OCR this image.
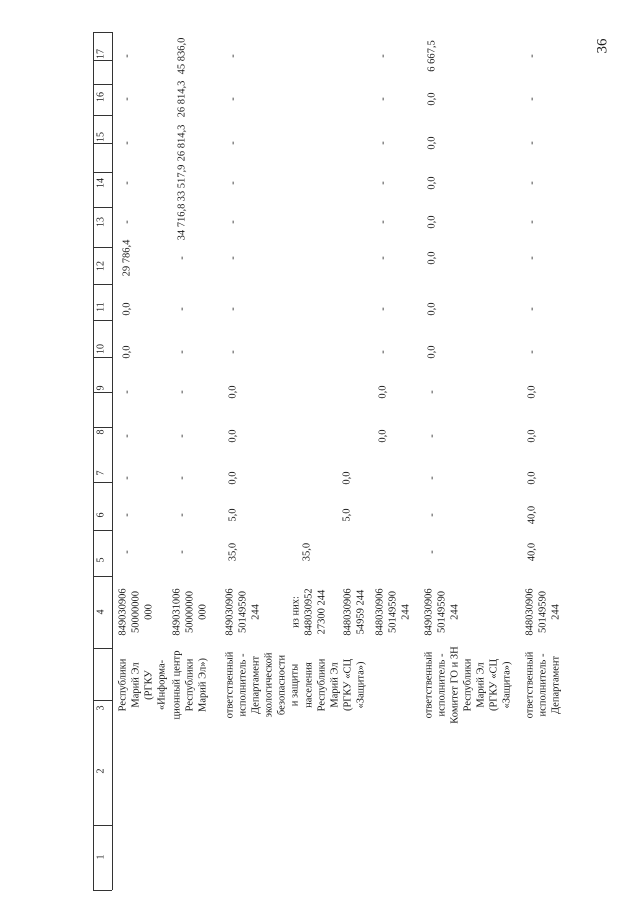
36
1
2
3
4
5
6
7
8
9
10
11
12
13
14
15
16
17
Республики Марий Эл (РГКУ «Информа-
849030906 50000000 000
-
-
-
-
-
0,0
0,0
29 786,4
-
-
-
-
-
ционный центр Республики Марий Эл»)
849031006 50000000 000
-
-
-
-
-
-
-
-
34 716,8
33 517,9
26 814,3
26 814,3
45 836,0
ответственный исполнитель - Департамент экологической безопасности и защиты
849030906 50149590 244
35,0
5,0
0,0
0,0
0,0
-
-
-
-
-
-
-
-
населения Республики Марий Эл
из них: 848030952 27300 244
35,0
(РГКУ «СЦ «Защита»)
848030906 54959 244
5,0
0,0
848030906 50149590 244
0,0
0,0
-
-
-
-
-
-
-
-
ответственный исполнитель - Комитет ГО и ЗН Республики Марий Эл (РГКУ «СЦ «Защита»)
849030906 50149590 244
-
-
-
-
-
0,0
0,0
0,0
0,0
0,0
0,0
0,0
6 667,5
ответственный исполнитель - Департамент
848030906 50149590 244
40,0
40,0
0,0
0,0
0,0
-
-
-
-
-
-
-
-
